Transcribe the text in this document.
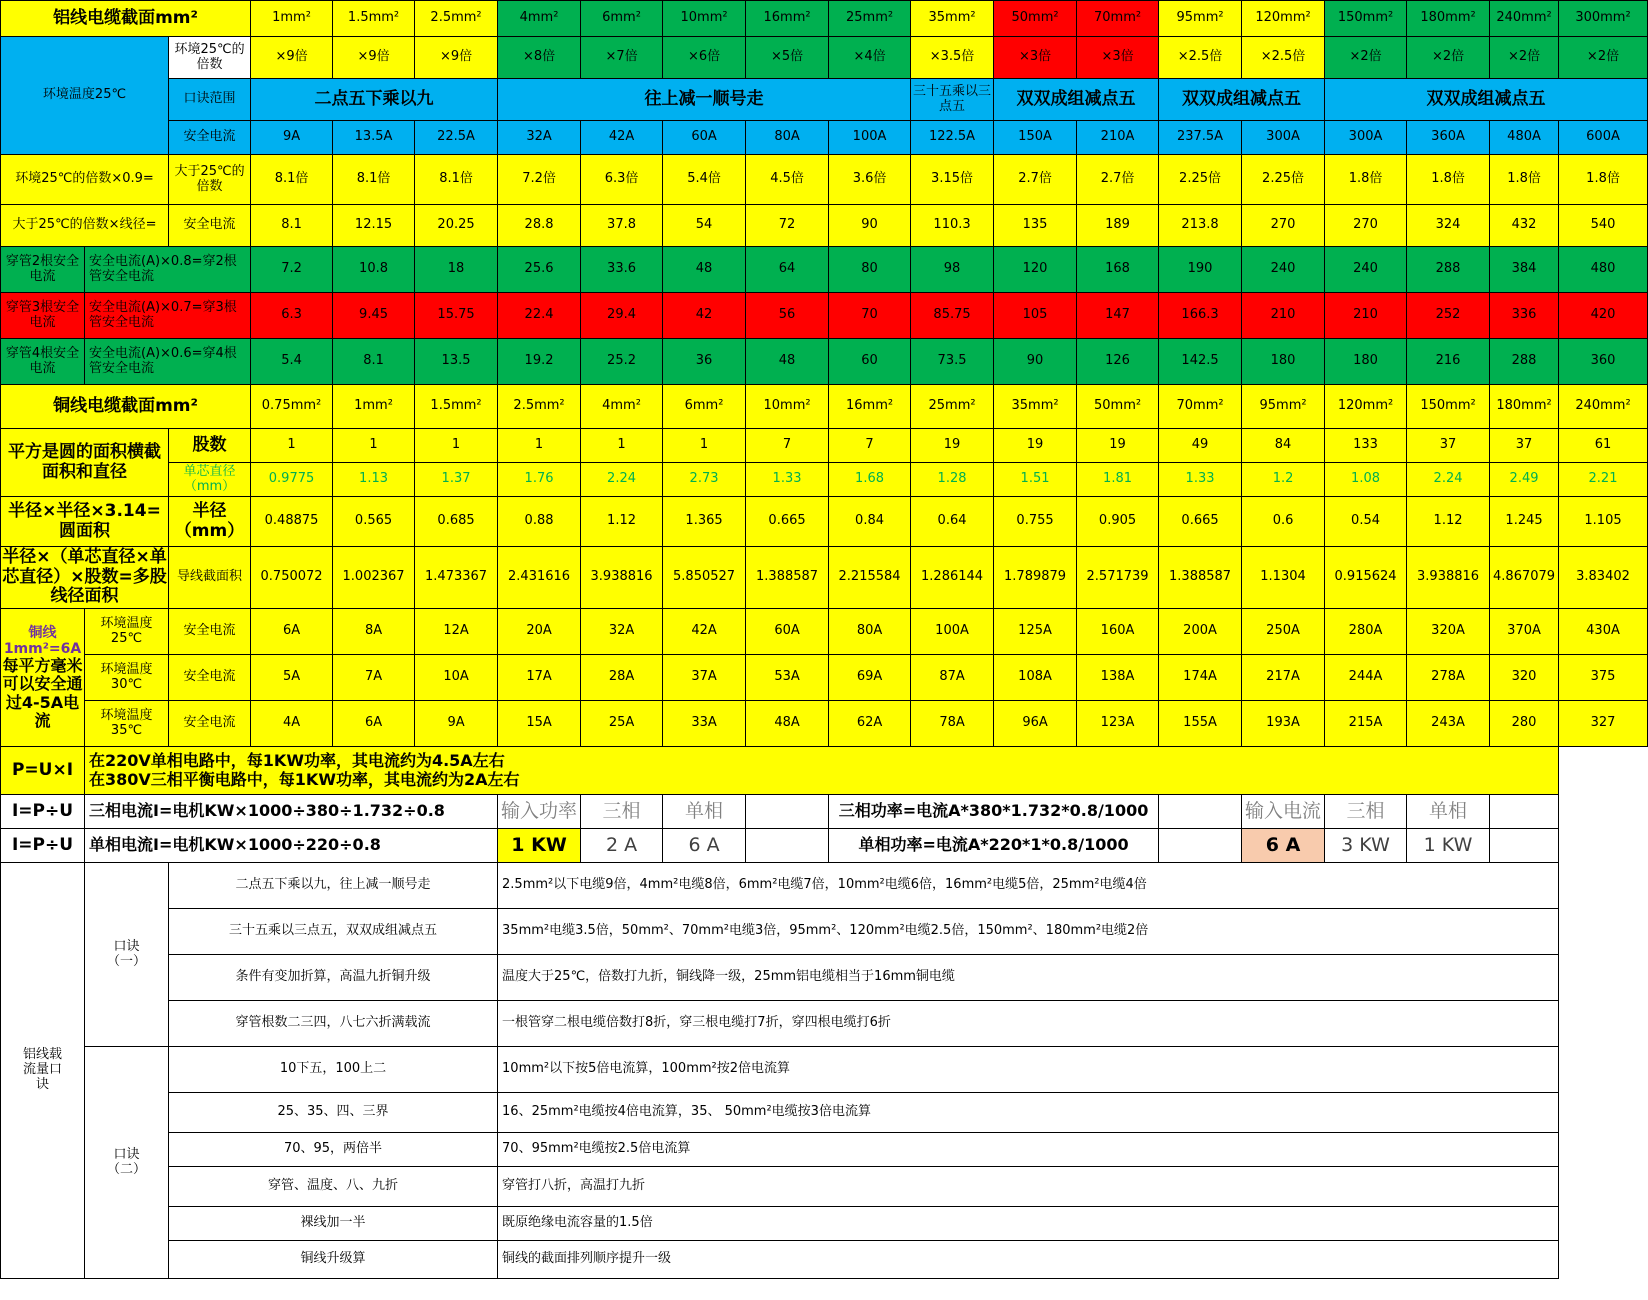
铝线电缆截面mm²			1mm²	1.5mm²	2.5mm²	4mm²	6mm²	10mm²	16mm²	25mm²	35mm²	50mm²	70mm²	95mm²	120mm²	150mm²	180mm²	240mm²	300mm²
环境温度25℃		环境25℃的倍数	×9倍	×9倍	×9倍	×8倍	×7倍	×6倍	×5倍	×4倍	×3.5倍	×3倍	×3倍	×2.5倍	×2.5倍	×2倍	×2倍	×2倍	×2倍
		口诀范围	二点五下乘以九			往上减一顺号走					三十五乘以三点五	双双成组减点五		双双成组减点五		双双成组减点五			
		安全电流	9A	13.5A	22.5A	32A	42A	60A	80A	100A	122.5A	150A	210A	237.5A	300A	300A	360A	480A	600A
环境25℃的倍数×0.9=		大于25℃的倍数	8.1倍	8.1倍	8.1倍	7.2倍	6.3倍	5.4倍	4.5倍	3.6倍	3.15倍	2.7倍	2.7倍	2.25倍	2.25倍	1.8倍	1.8倍	1.8倍	1.8倍
大于25℃的倍数×线径=		安全电流	8.1	12.15	20.25	28.8	37.8	54	72	90	110.3	135	189	213.8	270	270	324	432	540
穿管2根安全电流	安全电流(A)×0.8=穿2根管安全电流		7.2	10.8	18	25.6	33.6	48	64	80	98	120	168	190	240	240	288	384	480
穿管3根安全电流	安全电流(A)×0.7=穿3根管安全电流		6.3	9.45	15.75	22.4	29.4	42	56	70	85.75	105	147	166.3	210	210	252	336	420
穿管4根安全电流	安全电流(A)×0.6=穿4根管安全电流		5.4	8.1	13.5	19.2	25.2	36	48	60	73.5	90	126	142.5	180	180	216	288	360
铜线电缆截面mm²			0.75mm²	1mm²	1.5mm²	2.5mm²	4mm²	6mm²	10mm²	16mm²	25mm²	35mm²	50mm²	70mm²	95mm²	120mm²	150mm²	180mm²	240mm²
平方是圆的面积横截面积和直径		股数	1	1	1	1	1	1	7	7	19	19	19	49	84	133	37	37	61
		单芯直径（mm）	0.9775	1.13	1.37	1.76	2.24	2.73	1.33	1.68	1.28	1.51	1.81	1.33	1.2	1.08	2.24	2.49	2.21
半径×半径×3.14=圆面积		半径（mm）	0.48875	0.565	0.685	0.88	1.12	1.365	0.665	0.84	0.64	0.755	0.905	0.665	0.6	0.54	1.12	1.245	1.105
半径×（单芯直径×单芯直径）×股数=多股线径面积		导线截面积	0.750072	1.002367	1.473367	2.431616	3.938816	5.850527	1.388587	2.215584	1.286144	1.789879	2.571739	1.388587	1.1304	0.915624	3.938816	4.867079	3.83402
铜线1mm²=6A每平方毫米可以安全通过4-5A电流	环境温度25℃	安全电流	6A	8A	12A	20A	32A	42A	60A	80A	100A	125A	160A	200A	250A	280A	320A	370A	430A
	环境温度30℃	安全电流	5A	7A	10A	17A	28A	37A	53A	69A	87A	108A	138A	174A	217A	244A	278A	320	375
	环境温度35℃	安全电流	4A	6A	9A	15A	25A	33A	48A	62A	78A	96A	123A	155A	193A	215A	243A	280	327
P=U×I	在220V单相电路中，每1KW功率，其电流约为4.5A左右
在380V三相平衡电路中，每1KW功率，其电流约为2A左右																		

I=P÷U	三相电流I=电机KW×1000÷380÷1.732÷0.8					输入功率	三相	单相		三相功率=电流A*380*1.732*0.8/1000					输入电流	三相	单相		
I=P÷U	单相电流I=电机KW×1000÷220÷0.8					1 KW	2 A	6 A		单相功率=电流A*220*1*0.8/1000					6 A	3 KW	1 KW		
铝线载流量口诀	口诀（一）	二点五下乘以九，往上减一顺号走				2.5mm²以下电缆9倍，4mm²电缆8倍，6mm²电缆7倍，10mm²电缆6倍，16mm²电缆5倍，25mm²电缆4倍													
		三十五乘以三点五，双双成组减点五				35mm²电缆3.5倍，50mm²、70mm²电缆3倍，95mm²、120mm²电缆2.5倍，150mm²、180mm²电缆2倍													
		条件有变加折算，高温九折铜升级				温度大于25℃，倍数打九折，铜线降一级，25mm铝电缆相当于16mm铜电缆													
		穿管根数二三四，八七六折满载流				一根管穿二根电缆倍数打8折，穿三根电缆打7折，穿四根电缆打6折													
	口诀（二）	10下五，100上二				10mm²以下按5倍电流算，100mm²按2倍电流算													
		25、35、四、三界				16、25mm²电缆按4倍电流算，35、 50mm²电缆按3倍电流算													
		70、95，两倍半				70、95mm²电缆按2.5倍电流算													
		穿管、温度、八、九折				穿管打八折，高温打九折													
		裸线加一半				既原绝缘电流容量的1.5倍													
		铜线升级算				铜线的截面排列顺序提升一级													
